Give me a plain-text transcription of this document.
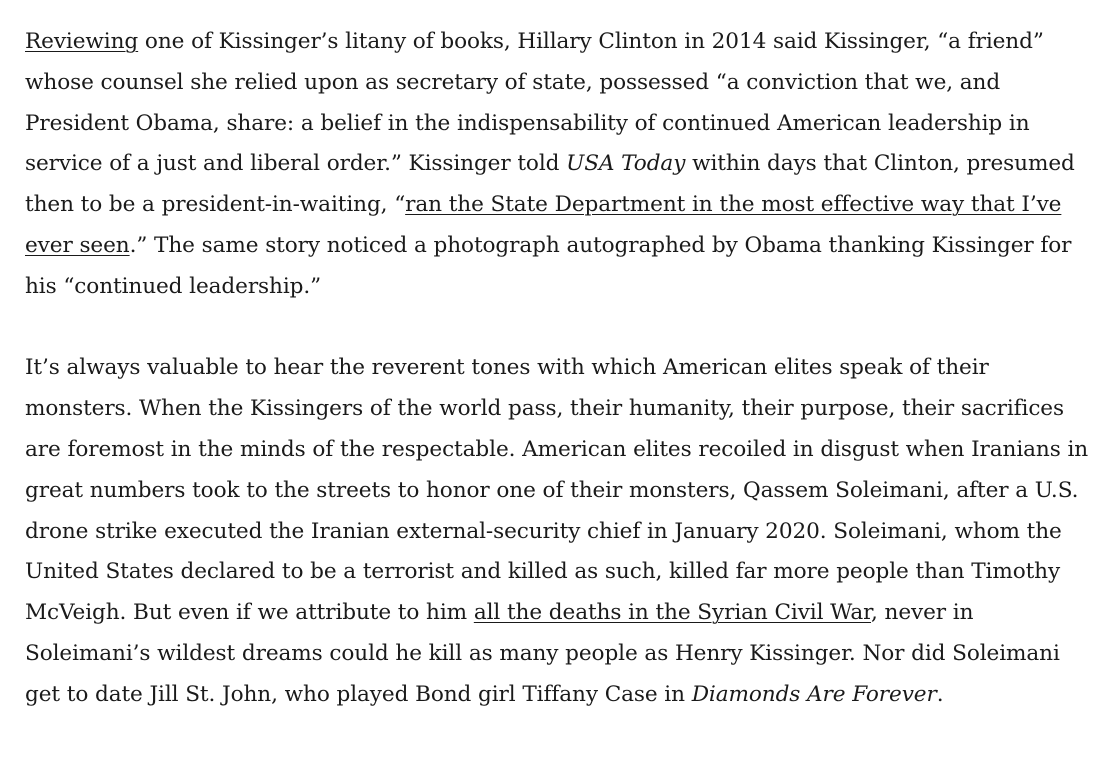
Reviewing one of Kissinger’s litany of books, Hillary Clinton in 2014 said Kissinger, “a friend” whose counsel she relied upon as secretary of state, possessed “a conviction that we, and President Obama, share: a belief in the indispensability of continued American leadership in service of a just and liberal order.” Kissinger told USA Today within days that Clinton, presumed then to be a president-in-waiting, “ran the State Department in the most effective way that I’ve ever seen.” The same story noticed a photograph autographed by Obama thanking Kissinger for his “continued leadership.”

It’s always valuable to hear the reverent tones with which American elites speak of their monsters. When the Kissingers of the world pass, their humanity, their purpose, their sacrifices are foremost in the minds of the respectable. American elites recoiled in disgust when Iranians in great numbers took to the streets to honor one of their monsters, Qassem Soleimani, after a U.S. drone strike executed the Iranian external-security chief in January 2020. Soleimani, whom the United States declared to be a terrorist and killed as such, killed far more people than Timothy McVeigh. But even if we attribute to him all the deaths in the Syrian Civil War, never in Soleimani’s wildest dreams could he kill as many people as Henry Kissinger. Nor did Soleimani get to date Jill St. John, who played Bond girl Tiffany Case in Diamonds Are Forever.
